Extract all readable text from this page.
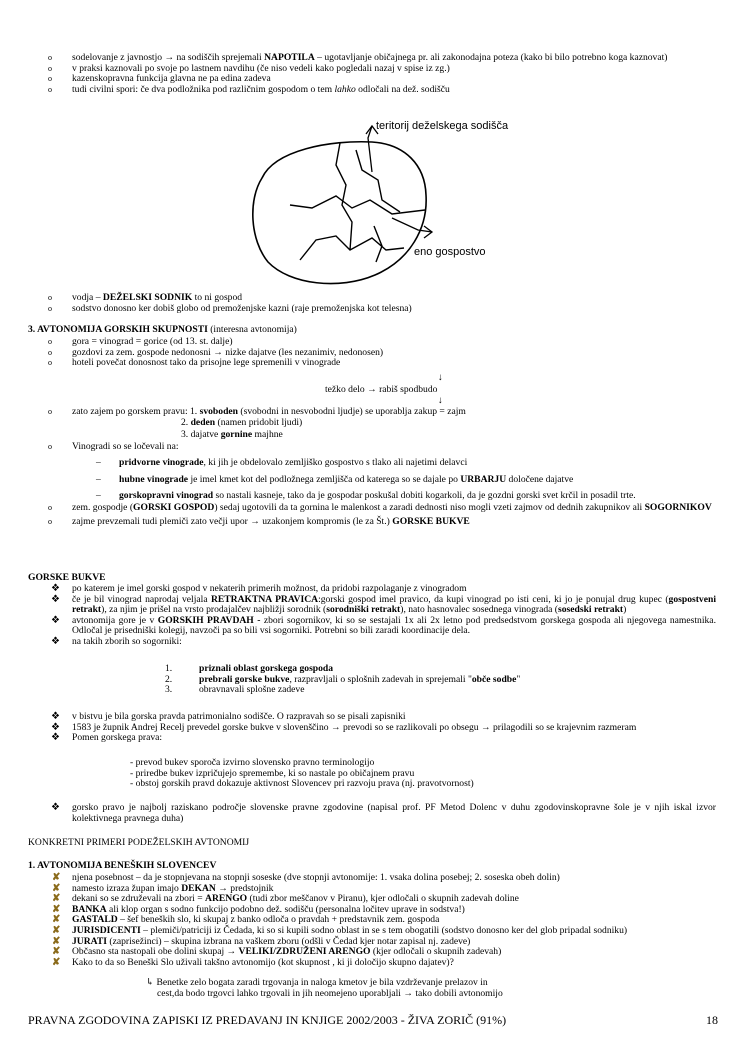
o sodelovanje z javnostjo → na sodiščih sprejemali NAPOTILA – ugotavljanje običajnega pr. ali zakonodajna poteza (kako bi bilo potrebno koga kaznovat)
o v praksi kaznovali po svoje po lastnem navdihu (če niso vedeli kako pogledali nazaj v spise iz zg.)
o kazenskopravna funkcija glavna ne pa edina zadeva
o tudi civilni spori: če dva podložnika pod različnim gospodom o tem lahko odločali na dež. sodišču
teritorij deželskega sodišča
eno gospostvo
o vodja – DEŽELSKI SODNIK to ni gospod
o sodstvo donosno ker dobiš globo od premoženjske kazni (raje premoženjska kot telesna)
3. AVTONOMIJA GORSKIH SKUPNOSTI (interesna avtonomija)
o gora = vinograd = gorice (od 13. st. dalje)
o gozdovi za zem. gospode nedonosni → nizke dajatve (les nezanimiv, nedonosen)
o hoteli povečat donosnost tako da prisojne lege spremenili v vinograde
↓
težko delo → rabiš spodbudo
↓
o zato zajem po gorskem pravu: 1. svoboden (svobodni in nesvobodni ljudje) se uporablja zakup = zajm
2. deden (namen pridobit ljudi)
3. dajatve gornine majhne
o Vinogradi so se ločevali na:
– pridvorne vinograde, ki jih je obdelovalo zemljiško gospostvo s tlako ali najetimi delavci
– hubne vinograde je imel kmet kot del podložnega zemljišča od katerega so se dajale po URBARJU določene dajatve
– gorskopravni vinograd so nastali kasneje, tako da je gospodar poskušal dobiti kogarkoli, da je gozdni gorski svet krčil in posadil trte.
o zem. gospodje (GORSKI GOSPOD) sedaj ugotovili da ta gornina le malenkost a zaradi dednosti niso mogli vzeti zajmov od dednih zakupnikov ali SOGORNIKOV
o zajme prevzemali tudi plemiči zato večji upor → uzakonjem kompromis (le za Št.) GORSKE BUKVE
GORSKE BUKVE
❖ po katerem je imel gorski gospod v nekaterih primerih možnost, da pridobi razpolaganje z vinogradom
❖ če je bil vinograd naprodaj veljala RETRAKTNA PRAVICA:gorski gospod imel pravico, da kupi vinograd po isti ceni, ki jo je ponujal drug kupec (gospostveni retrakt), za njim je prišel na vrsto prodajalčev najbližji sorodnik (sorodniški retrakt), nato hasnovalec sosednega vinograda (sosedski retrakt)
❖ avtonomija gore je v GORSKIH PRAVDAH - zbori sogornikov, ki so se sestajali 1x ali 2x letno pod predsedstvom gorskega gospoda ali njegovega namestnika. Odločal je prisedniški kolegij, navzoči pa so bili vsi sogorniki. Potrebni so bili zaradi koordinacije dela.
❖ na takih zborih so sogorniki:
1.	priznali oblast gorskega gospoda
2.	prebrali gorske bukve, razpravljali o splošnih zadevah in sprejemali "obče sodbe"
3.	obravnavali splošne zadeve
❖ v bistvu je bila gorska pravda patrimonialno sodišče. O razpravah so se pisali zapisniki
❖ 1583 je župnik Andrej Recelj prevedel gorske bukve v slovenščino → prevodi so se razlikovali po obsegu → prilagodili so se krajevnim razmeram
❖ Pomen gorskega prava:
- prevod bukev sporoča izvirno slovensko pravno terminologijo
- priredbe bukev izpričujejo spremembe, ki so nastale po običajnem pravu
- obstoj gorskih pravd dokazuje aktivnost Slovencev pri razvoju prava (nj. pravotvornost)
❖ gorsko pravo je najbolj raziskano področje slovenske pravne zgodovine (napisal prof. PF Metod Dolenc v duhu zgodovinskopravne šole je v njih iskal izvor kolektivnega pravnega duha)
KONKRETNI PRIMERI PODEŽELSKIH AVTONOMIJ
1. AVTONOMIJA BENEŠKIH SLOVENCEV
✘ njena posebnost – da je stopnjevana na stopnji soseske (dve stopnji avtonomije: 1. vsaka dolina posebej; 2. soseska obeh dolin)
✘ namesto izraza župan imajo DEKAN → predstojnik
✘ dekani so se združevali na zbori = ARENGO (tudi zbor meščanov v Piranu), kjer odločali o skupnih zadevah doline
✘ BANKA ali klop organ s sodno funkcijo podobno dež. sodišču (personalna ločitev uprave in sodstva!)
✘ GASTALD – šef beneških slo, ki skupaj z banko odloča o pravdah + predstavnik zem. gospoda
✘ JURISDICENTI – plemiči/patriciji iz Čedada, ki so si kupili sodno oblast in se s tem obogatili (sodstvo donosno ker del glob pripadal sodniku)
✘ JURATI (zaprisežinci) – skupina izbrana na vaškem zboru (odšli v Čedad kjer notar zapisal nj. zadeve)
✘ Občasno sta nastopali obe dolini skupaj → VELIKI/ZDRUŽENI ARENGO (kjer odločali o skupnih zadevah)
✘ Kako to da so Beneški Slo uživali takšno avtonomijo (kot skupnost , ki ji določijo skupno dajatev)?
↳ Benetke zelo bogata zaradi trgovanja in naloga kmetov je bila vzdrževanje prelazov in
cest,da bodo trgovci lahko trgovali in jih neomejeno uporabljali → tako dobili avtonomijo
PRAVNA ZGODOVINA ZAPISKI IZ PREDAVANJ IN KNJIGE 2002/2003 - ŽIVA ZORIČ (91%)	18
